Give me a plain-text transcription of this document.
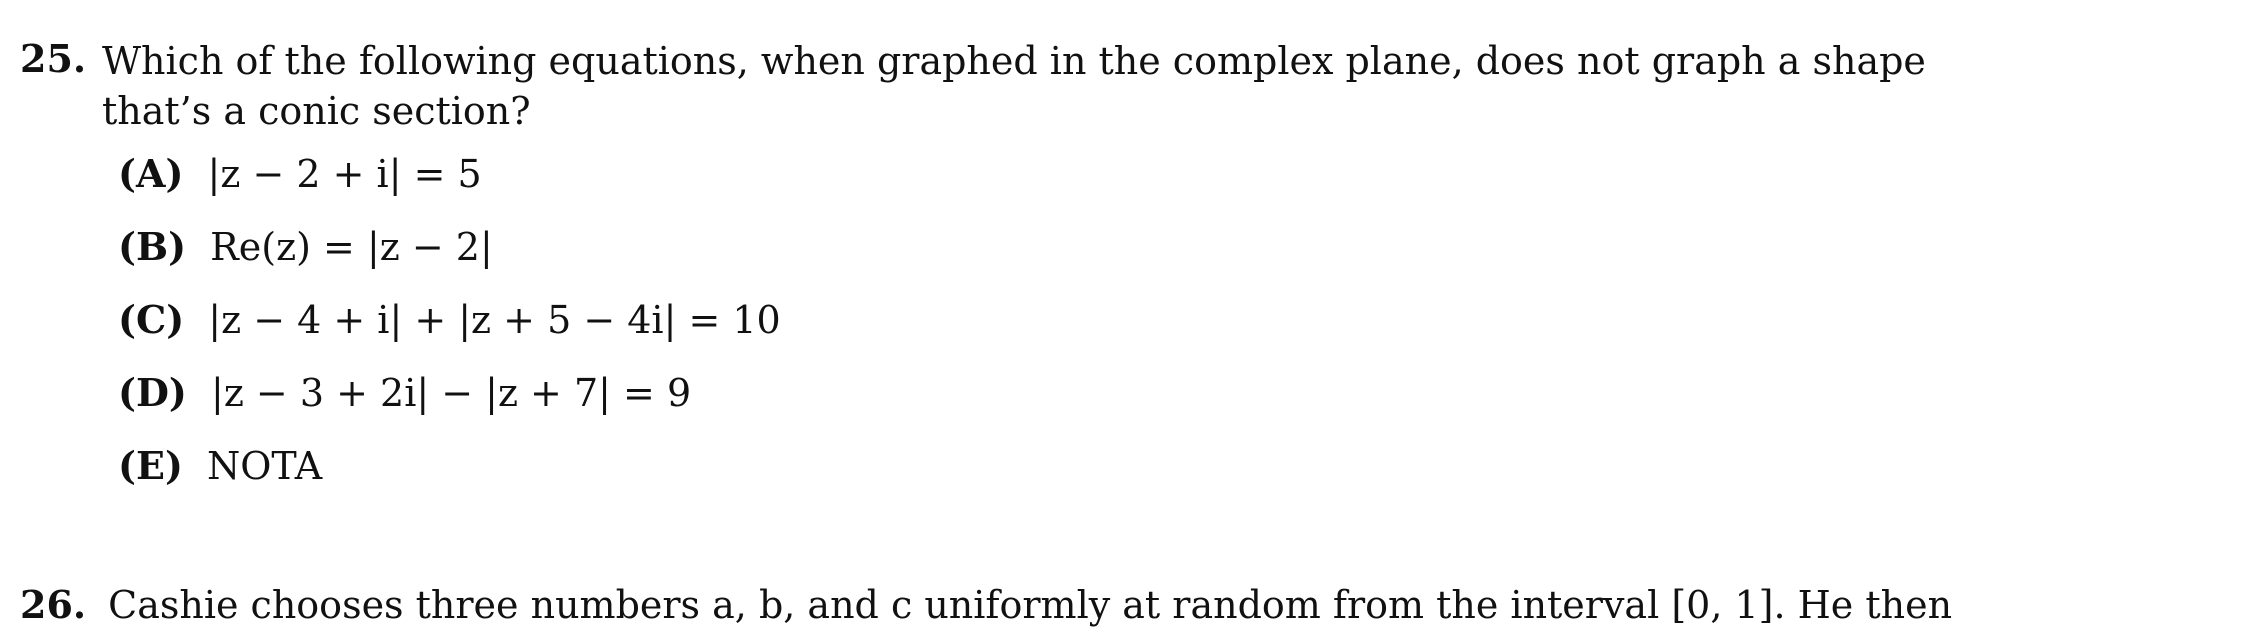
25. Which of the following equations, when graphed in the complex plane, does not graph a shape that’s a conic section?
(A) |z − 2 + i| = 5
(B) Re(z) = |z − 2|
(C) |z − 4 + i| + |z + 5 − 4i| = 10
(D) |z − 3 + 2i| − |z + 7| = 9
(E) NOTA
26. Cashie chooses three numbers a, b, and c uniformly at random from the interval [0, 1]. He then
